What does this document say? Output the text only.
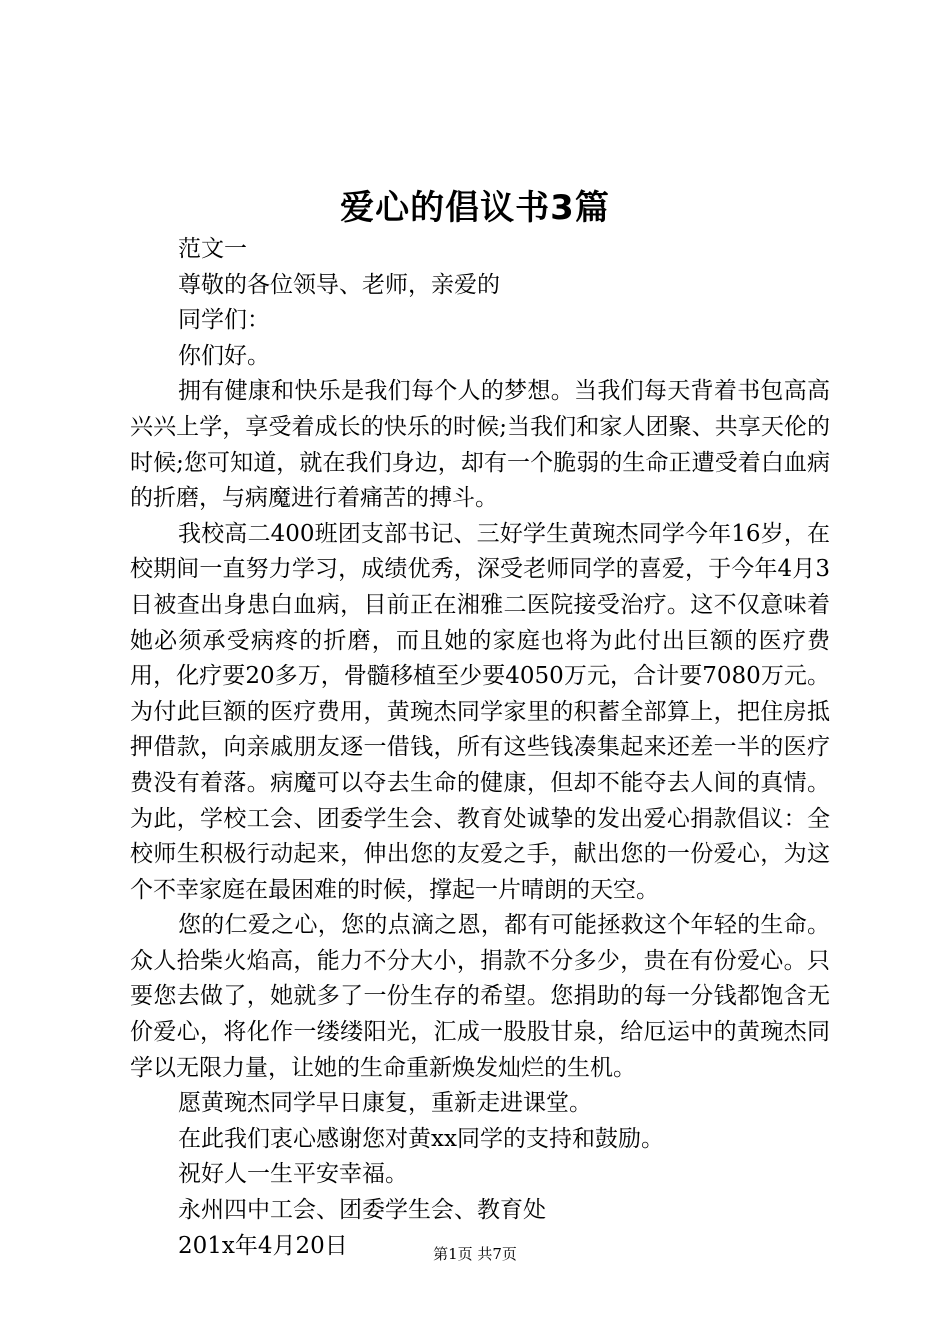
爱心的倡议书3篇

范文一

尊敬的各位领导、老师，亲爱的

同学们：

你们好。

拥有健康和快乐是我们每个人的梦想。当我们每天背着书包高高兴兴上学，享受着成长的快乐的时候;当我们和家人团聚、共享天伦的时候;您可知道，就在我们身边，却有一个脆弱的生命正遭受着白血病的折磨，与病魔进行着痛苦的搏斗。

我校高二400班团支部书记、三好学生黄琬杰同学今年16岁，在校期间一直努力学习，成绩优秀，深受老师同学的喜爱，于今年4月3日被查出身患白血病，目前正在湘雅二医院接受治疗。这不仅意味着她必须承受病疼的折磨，而且她的家庭也将为此付出巨额的医疗费用，化疗要20多万，骨髓移植至少要4050万元，合计要7080万元。为付此巨额的医疗费用，黄琬杰同学家里的积蓄全部算上，把住房抵押借款，向亲戚朋友逐一借钱，所有这些钱凑集起来还差一半的医疗费没有着落。病魔可以夺去生命的健康，但却不能夺去人间的真情。为此，学校工会、团委学生会、教育处诚挚的发出爱心捐款倡议：全校师生积极行动起来，伸出您的友爱之手，献出您的一份爱心，为这个不幸家庭在最困难的时候，撑起一片晴朗的天空。

您的仁爱之心，您的点滴之恩，都有可能拯救这个年轻的生命。众人拾柴火焰高，能力不分大小，捐款不分多少，贵在有份爱心。只要您去做了，她就多了一份生存的希望。您捐助的每一分钱都饱含无价爱心，将化作一缕缕阳光，汇成一股股甘泉，给厄运中的黄琬杰同学以无限力量，让她的生命重新焕发灿烂的生机。

愿黄琬杰同学早日康复，重新走进课堂。

在此我们衷心感谢您对黄xx同学的支持和鼓励。

祝好人一生平安幸福。

永州四中工会、团委学生会、教育处

201x年4月20日	第1页 共7页
